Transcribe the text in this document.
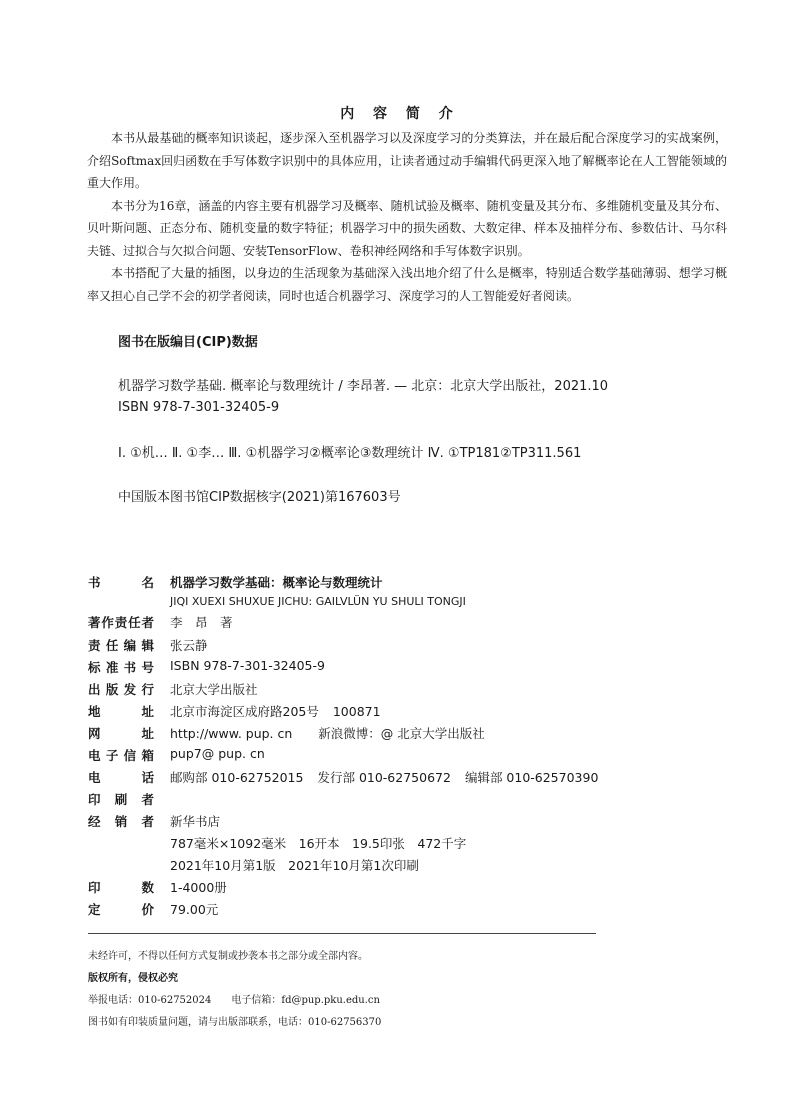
内 容 简 介

本书从最基础的概率知识谈起，逐步深入至机器学习以及深度学习的分类算法，并在最后配合深度学习的实战案例，介绍Softmax回归函数在手写体数字识别中的具体应用，让读者通过动手编辑代码更深入地了解概率论在人工智能领域的重大作用。

本书分为16章，涵盖的内容主要有机器学习及概率、随机试验及概率、随机变量及其分布、多维随机变量及其分布、贝叶斯问题、正态分布、随机变量的数字特征；机器学习中的损失函数、大数定律、样本及抽样分布、参数估计、马尔科夫链、过拟合与欠拟合问题、安装TensorFlow、卷积神经网络和手写体数字识别。

本书搭配了大量的插图，以身边的生活现象为基础深入浅出地介绍了什么是概率，特别适合数学基础薄弱、想学习概率又担心自己学不会的初学者阅读，同时也适合机器学习、深度学习的人工智能爱好者阅读。

图书在版编目(CIP)数据
机器学习数学基础. 概率论与数理统计 / 李昂著. — 北京：北京大学出版社，2021.10
ISBN 978-7-301-32405-9
Ⅰ. ①机… Ⅱ. ①李… Ⅲ. ①机器学习②概率论③数理统计 Ⅳ. ①TP181②TP311.561
中国版本图书馆CIP数据核字(2021)第167603号
书名 机器学习数学基础：概率论与数理统计
JIQI XUEXI SHUXUE JICHU: GAILVLÜN YU SHULI TONGJI
著作责任者 李　昂　著
责任编辑 张云静
标准书号 ISBN 978-7-301-32405-9
出版发行 北京大学出版社
地址 北京市海淀区成府路205号 100871
网址 http://www. pup. cn 新浪微博：@ 北京大学出版社
电子信箱 pup7@ pup. cn
电话 邮购部 010-62752015 发行部 010-62750672 编辑部 010-62570390
印刷者
经销者 新华书店
787毫米×1092毫米　16开本　19.5印张　472千字
2021年10月第1版　2021年10月第1次印刷
印数 1-4000册
定价 79.00元
未经许可，不得以任何方式复制或抄袭本书之部分或全部内容。
版权所有，侵权必究
举报电话：010-62752024　　电子信箱：fd@pup.pku.edu.cn
图书如有印装质量问题，请与出版部联系，电话：010-62756370
